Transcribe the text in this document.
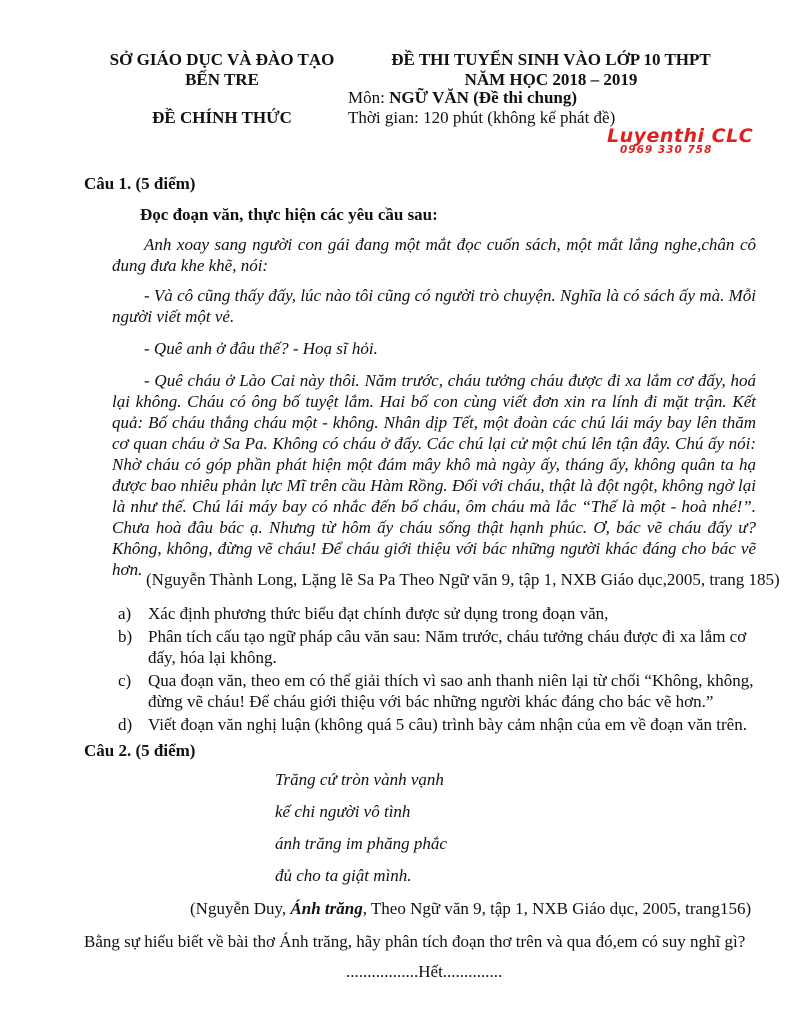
SỞ GIÁO DỤC VÀ ĐÀO TẠO
BẾN TRE
ĐỀ CHÍNH THỨC
ĐỀ THI TUYỂN SINH VÀO LỚP 10 THPT
NĂM HỌC 2018 – 2019
Môn: NGỮ VĂN (Đề thi chung)
Thời gian: 120 phút (không kể phát đề)
Luyenthi CLC
0969 330 758
Câu 1. (5 điểm)
Đọc đoạn văn, thực hiện các yêu cầu sau:
Anh xoay sang người con gái đang một mắt đọc cuốn sách, một mắt lắng nghe,chân cô đung đưa khe khẽ, nói:
- Và cô cũng thấy đấy, lúc nào tôi cũng có người trò chuyện. Nghĩa là có sách ấy mà. Mỗi người viết một vẻ.
- Quê anh ở đâu thế? - Hoạ sĩ hỏi.
- Quê cháu ở Lào Cai này thôi. Năm trước, cháu tưởng cháu được đi xa lắm cơ đấy, hoá lại không. Cháu có ông bố tuyệt lắm. Hai bố con cùng viết đơn xin ra lính đi mặt trận. Kết quả: Bố cháu thắng cháu một - không. Nhân dịp Tết, một đoàn các chú lái máy bay lên thăm cơ quan cháu ở Sa Pa. Không có cháu ở đấy. Các chú lại cử một chú lên tận đây. Chú ấy nói: Nhờ cháu có góp phần phát hiện một đám mây khô mà ngày ấy, tháng ấy, không quân ta hạ được bao nhiêu phản lực Mĩ trên cầu Hàm Rồng. Đối với cháu, thật là đột ngột, không ngờ lại là như thế. Chú lái máy bay có nhắc đến bố cháu, ôm cháu mà lắc “Thế là một - hoà nhé!”. Chưa hoà đâu bác ạ. Nhưng từ hôm ấy cháu sống thật hạnh phúc. Ơ, bác vẽ cháu đấy ư? Không, không, đừng vẽ cháu! Để cháu giới thiệu với bác những người khác đáng cho bác vẽ hơn.
(Nguyễn Thành Long, Lặng lẽ Sa Pa Theo Ngữ văn 9, tập 1, NXB Giáo dục,2005, trang 185)
a) Xác định phương thức biểu đạt chính được sử dụng trong đoạn văn,
b) Phân tích cấu tạo ngữ pháp câu văn sau: Năm trước, cháu tưởng cháu được đi xa lắm cơ đấy, hóa lại không.
c) Qua đoạn văn, theo em có thể giải thích vì sao anh thanh niên lại từ chối “Không, không, đừng vẽ cháu! Để cháu giới thiệu với bác những người khác đáng cho bác vẽ hơn.”
d) Viết đoạn văn nghị luận (không quá 5 câu) trình bày cảm nhận của em về đoạn văn trên.
Câu 2. (5 điểm)
Trăng cứ tròn vành vạnh
kể chi người vô tình
ánh trăng im phăng phắc
đủ cho ta giật mình.
(Nguyễn Duy, Ánh trăng, Theo Ngữ văn 9, tập 1, NXB Giáo dục, 2005, trang156)
Bằng sự hiểu biết về bài thơ Ánh trăng, hãy phân tích đoạn thơ trên và qua đó,em có suy nghĩ gì?
.................Hết..............
